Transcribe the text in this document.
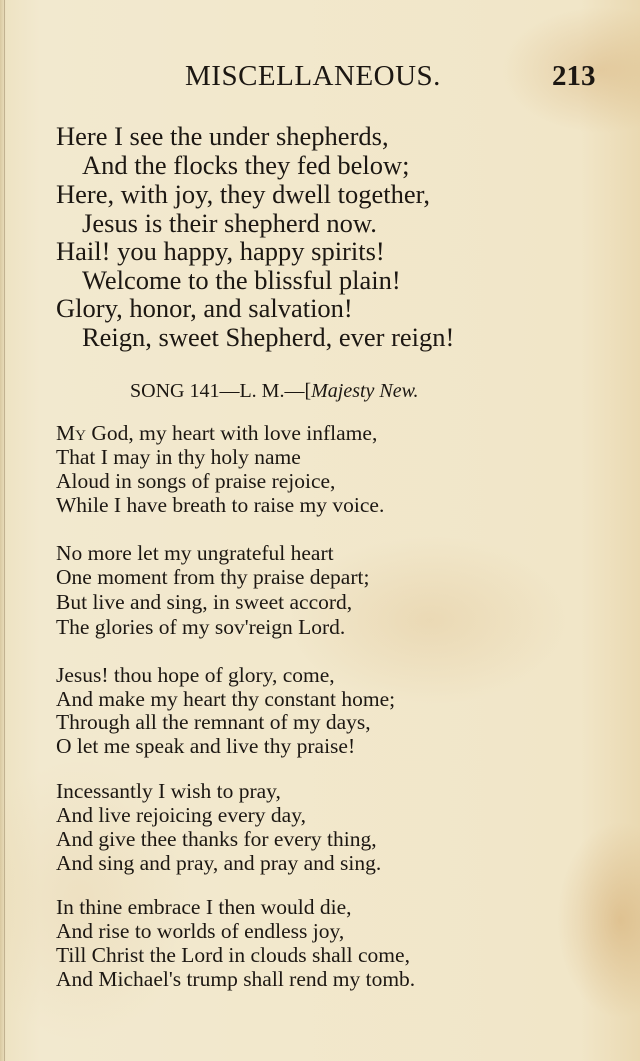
MISCELLANEOUS.	213
Here I see the under shepherds,
And the flocks they fed below;
Here, with joy, they dwell together,
Jesus is their shepherd now.
Hail! you happy, happy spirits!
Welcome to the blissful plain!
Glory, honor, and salvation!
Reign, sweet Shepherd, ever reign!
SONG 141—L. M.—[Majesty New.
My God, my heart with love inflame,
That I may in thy holy name
Aloud in songs of praise rejoice,
While I have breath to raise my voice.
No more let my ungrateful heart
One moment from thy praise depart;
But live and sing, in sweet accord,
The glories of my sov'reign Lord.
Jesus! thou hope of glory, come,
And make my heart thy constant home;
Through all the remnant of my days,
O let me speak and live thy praise!
Incessantly I wish to pray,
And live rejoicing every day,
And give thee thanks for every thing,
And sing and pray, and pray and sing.
In thine embrace I then would die,
And rise to worlds of endless joy,
Till Christ the Lord in clouds shall come,
And Michael's trump shall rend my tomb.
